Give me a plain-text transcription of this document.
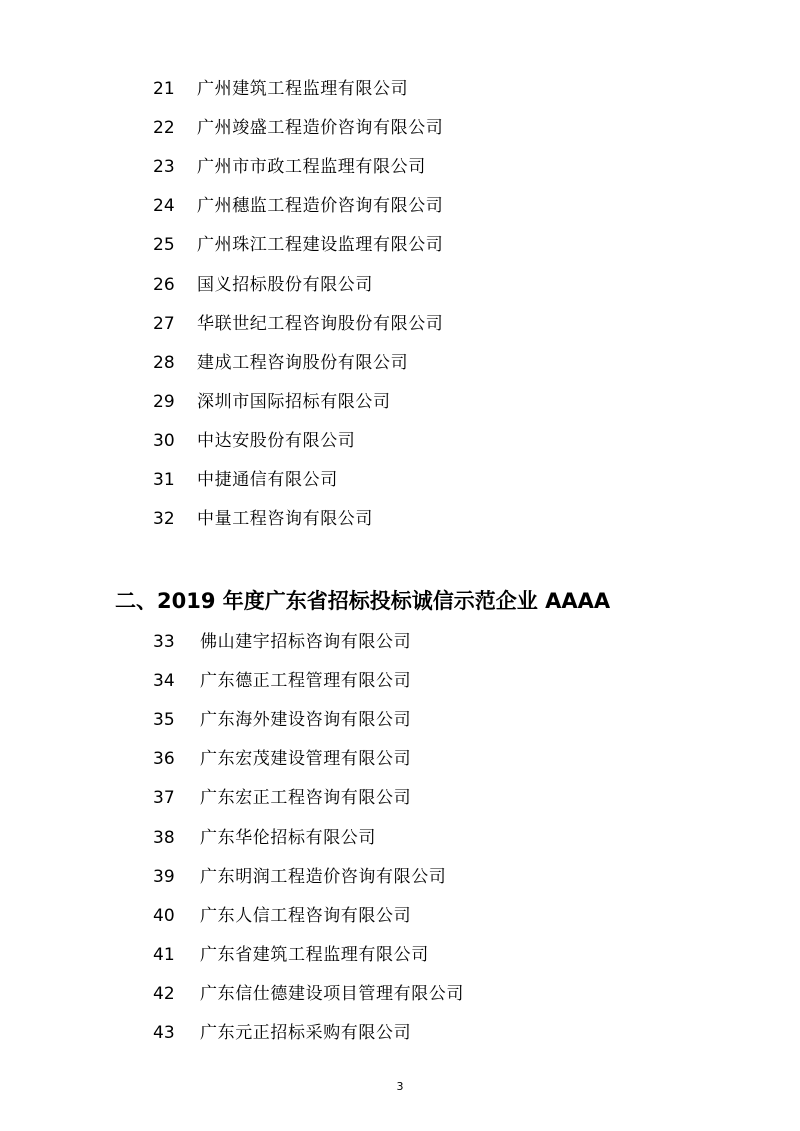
21	广州建筑工程监理有限公司
22	广州竣盛工程造价咨询有限公司
23	广州市市政工程监理有限公司
24	广州穗监工程造价咨询有限公司
25	广州珠江工程建设监理有限公司
26	国义招标股份有限公司
27	华联世纪工程咨询股份有限公司
28	建成工程咨询股份有限公司
29	深圳市国际招标有限公司
30	中达安股份有限公司
31	中捷通信有限公司
32	中量工程咨询有限公司
二、2019 年度广东省招标投标诚信示范企业 AAAA
33	佛山建宇招标咨询有限公司
34	广东德正工程管理有限公司
35	广东海外建设咨询有限公司
36	广东宏茂建设管理有限公司
37	广东宏正工程咨询有限公司
38	广东华伦招标有限公司
39	广东明润工程造价咨询有限公司
40	广东人信工程咨询有限公司
41	广东省建筑工程监理有限公司
42	广东信仕德建设项目管理有限公司
43	广东元正招标采购有限公司
3
